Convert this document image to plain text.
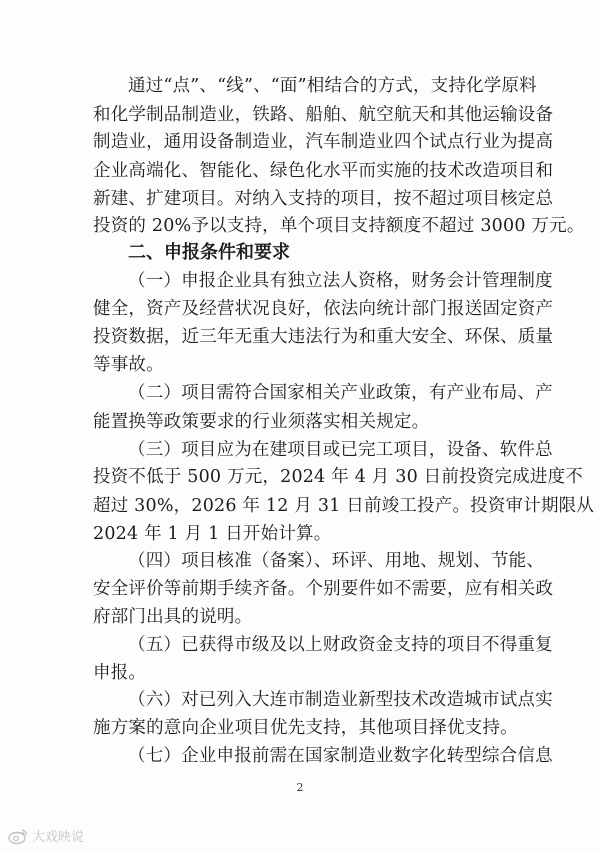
通过“点”、“线”、“面”相结合的方式，支持化学原料
和化学制品制造业，铁路、船舶、航空航天和其他运输设备
制造业，通用设备制造业，汽车制造业四个试点行业为提高
企业高端化、智能化、绿色化水平而实施的技术改造项目和
新建、扩建项目。对纳入支持的项目，按不超过项目核定总
投资的 20%予以支持，单个项目支持额度不超过 3000 万元。
二、申报条件和要求
（一）申报企业具有独立法人资格，财务会计管理制度
健全，资产及经营状况良好，依法向统计部门报送固定资产
投资数据，近三年无重大违法行为和重大安全、环保、质量
等事故。
（二）项目需符合国家相关产业政策，有产业布局、产
能置换等政策要求的行业须落实相关规定。
（三）项目应为在建项目或已完工项目，设备、软件总
投资不低于 500 万元，2024 年 4 月 30 日前投资完成进度不
超过 30%，2026 年 12 月 31 日前竣工投产。投资审计期限从
2024 年 1 月 1 日开始计算。
（四）项目核准（备案）、环评、用地、规划、节能、
安全评价等前期手续齐备。个别要件如不需要，应有相关政
府部门出具的说明。
（五）已获得市级及以上财政资金支持的项目不得重复
申报。
（六）对已列入大连市制造业新型技术改造城市试点实
施方案的意向企业项目优先支持，其他项目择优支持。
（七）企业申报前需在国家制造业数字化转型综合信息
2
大戏映说
